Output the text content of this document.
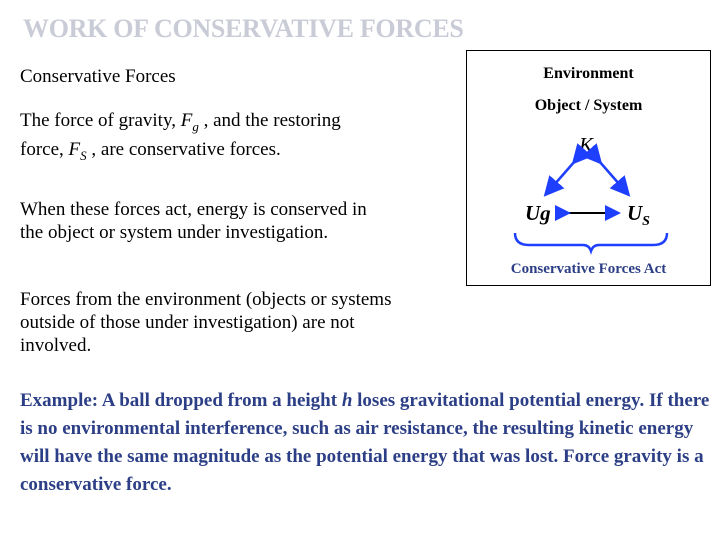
WORK OF CONSERVATIVE FORCES
Conservative Forces
The force of gravity, $F_g$ , and the restoring force, $F_S$ , are conservative forces.
When these forces act, energy is conserved in the object or system under investigation.
Forces from the environment (objects or systems outside of those under investigation) are not involved.
Environment
Object / System
K
Ug	$U_S$
Conservative Forces Act
Example: A ball dropped from a height h loses gravitational potential energy. If there is no environmental interference, such as air resistance, the resulting kinetic energy will have the same magnitude as the potential energy that was lost. Force gravity is a conservative force.
